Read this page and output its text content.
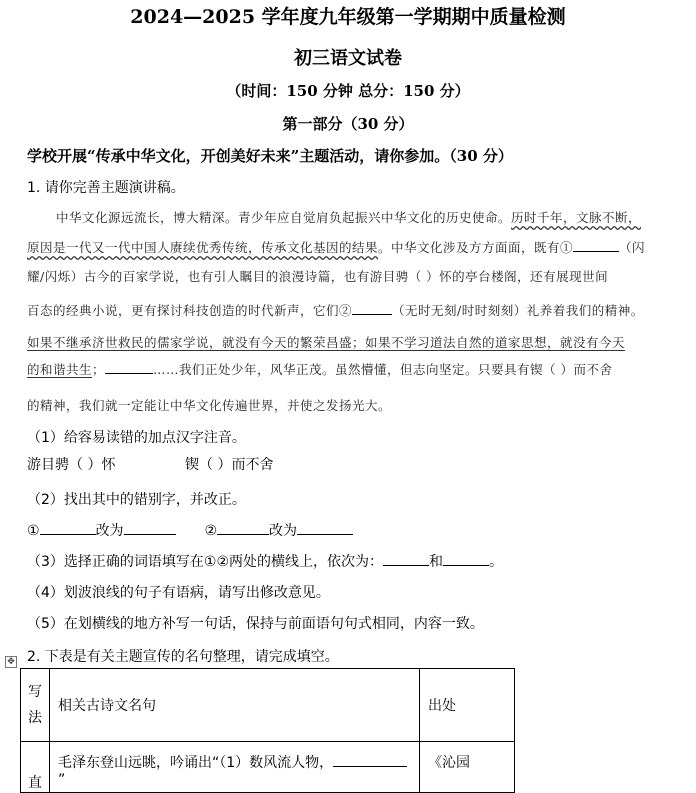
2024—2025 学年度九年级第一学期期中质量检测
初三语文试卷
（时间：150 分钟 总分：150 分）
第一部分（30 分）
学校开展“传承中华文化，开创美好未来”主题活动，请你参加。（30 分）
1. 请你完善主题演讲稿。
中华文化源远流长，博大精深。青少年应自觉肩负起振兴中华文化的历史使命。历时千年，文脉不断，
原因是一代又一代中国人赓续优秀传统，传承文化基因的结果。中华文化涉及方方面面，既有①	（闪
耀/闪烁）古今的百家学说，也有引人瞩目的浪漫诗篇，也有游目骋（ ）怀的亭台楼阁，还有展现世间
百态的经典小说，更有探讨科技创造的时代新声，它们②	（无时无刻/时时刻刻）礼养着我们的精神。
如果不继承济世救民的儒家学说，就没有今天的繁荣昌盛；如果不学习道法自然的道家思想，就没有今天
的和谐共生；	……我们正处少年，风华正茂。虽然懵懂，但志向坚定。只要具有锲（ ）而不舍
的精神，我们就一定能让中华文化传遍世界，并使之发扬光大。
（1）给容易读错的加点汉字注音。
游目骋（ ）怀	锲（ ）而不舍
（2）找出其中的错别字，并改正。
①	改为	②	改为
（3）选择正确的词语填写在①②两处的横线上，依次为：	和	。
（4）划波浪线的句子有语病，请写出修改意见。
（5）在划横线的地方补写一句话，保持与前面语句句式相同，内容一致。
✥ 2. 下表是有关主题宣传的名句整理，请完成填空。
写法	相关古诗文名句	出处
直	毛泽东登山远眺，吟诵出“（1）数风流人物，”	《沁园
